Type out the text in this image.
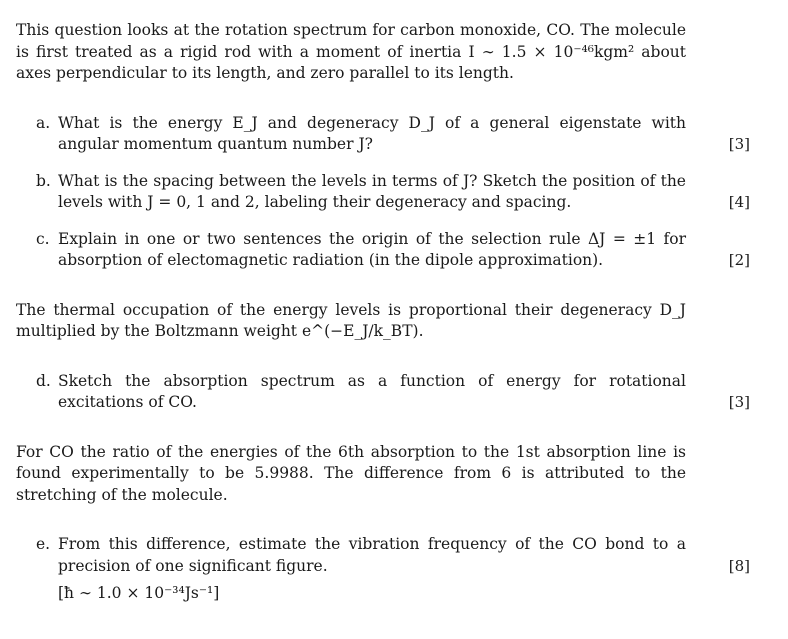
This question looks at the rotation spectrum for carbon monoxide, CO. The molecule is first treated as a rigid rod with a moment of inertia I ∼ 1.5 × 10⁻⁴⁶kgm² about axes perpendicular to its length, and zero parallel to its length.

a. What is the energy E_J and degeneracy D_J of a general eigenstate with angular momentum quantum number J?	[3]
b. What is the spacing between the levels in terms of J? Sketch the position of the levels with J = 0, 1 and 2, labeling their degeneracy and spacing.	[4]
c. Explain in one or two sentences the origin of the selection rule ΔJ = ±1 for absorption of electomagnetic radiation (in the dipole approximation).	[2]

The thermal occupation of the energy levels is proportional their degeneracy D_J multiplied by the Boltzmann weight e^(−E_J/k_BT).

d. Sketch the absorption spectrum as a function of energy for rotational excitations of CO.	[3]

For CO the ratio of the energies of the 6th absorption to the 1st absorption line is found experimentally to be 5.9988. The difference from 6 is attributed to the stretching of the molecule.

e. From this difference, estimate the vibration frequency of the CO bond to a precision of one significant figure.	[8]
[ħ ∼ 1.0 × 10⁻³⁴Js⁻¹]
